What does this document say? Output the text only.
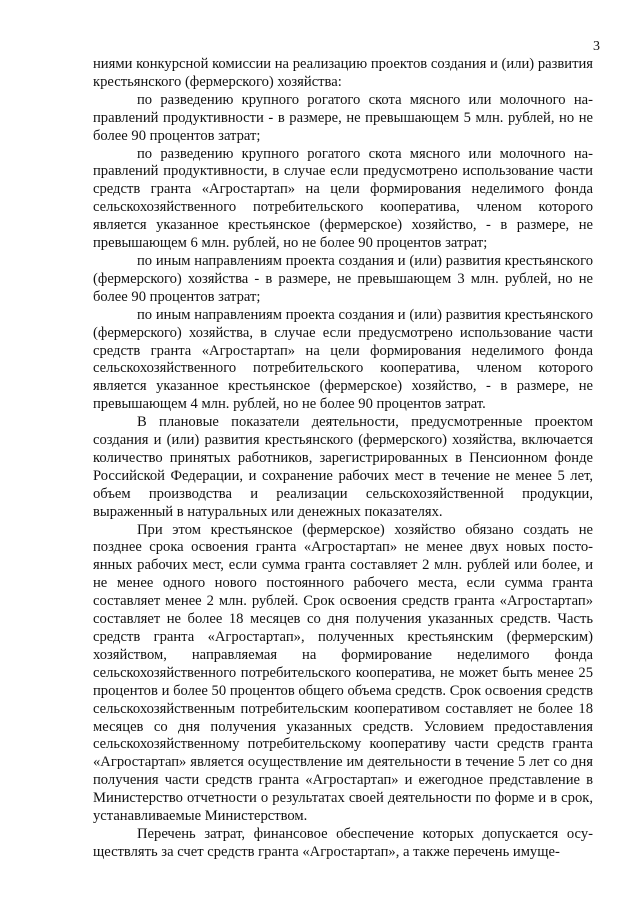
3

ниями конкурсной комиссии на реализацию проектов создания и (или) развития крестьянского (фермерского) хозяйства:

по разведению крупного рогатого скота мясного или молочного направлений продуктивности - в размере, не превышающем 5 млн. рублей, но не более 90 процентов затрат;

по разведению крупного рогатого скота мясного или молочного направлений продуктивности, в случае если предусмотрено использование части средств гранта «Агростартап» на цели формирования неделимого фонда сельскохозяйственного потребительского кооператива, членом которого является указанное крестьянское (фермерское) хозяйство, - в размере, не превышающем 6 млн. рублей, но не более 90 процентов затрат;

по иным направлениям проекта создания и (или) развития крестьянского (фермерского) хозяйства - в размере, не превышающем 3 млн. рублей, но не более 90 процентов затрат;

по иным направлениям проекта создания и (или) развития крестьянского (фермерского) хозяйства, в случае если предусмотрено использование части средств гранта «Агростартап» на цели формирования неделимого фонда сельскохозяйственного потребительского кооператива, членом которого является указанное крестьянское (фермерское) хозяйство, - в размере, не превышающем 4 млн. рублей, но не более 90 процентов затрат.

В плановые показатели деятельности, предусмотренные проектом создания и (или) развития крестьянского (фермерского) хозяйства, включается количество принятых работников, зарегистрированных в Пенсионном фонде Российской Федерации, и сохранение рабочих мест в течение не менее 5 лет, объем производства и реализации сельскохозяйственной продукции, выраженный в натуральных или денежных показателях.

При этом крестьянское (фермерское) хозяйство обязано создать не позднее срока освоения гранта «Агростартап» не менее двух новых постоянных рабочих мест, если сумма гранта составляет 2 млн. рублей или более, и не менее одного нового постоянного рабочего места, если сумма гранта составляет менее 2 млн. рублей. Срок освоения средств гранта «Агростартап» составляет не более 18 месяцев со дня получения указанных средств. Часть средств гранта «Агростартап», полученных крестьянским (фермерским) хозяйством, направляемая на формирование неделимого фонда сельскохозяйственного потребительского кооператива, не может быть менее 25 процентов и более 50 процентов общего объема средств. Срок освоения средств сельскохозяйственным потребительским кооперативом составляет не более 18 месяцев со дня получения указанных средств. Условием предоставления сельскохозяйственному потребительскому кооперативу части средств гранта «Агростартап» является осуществление им деятельности в течение 5 лет со дня получения части средств гранта «Агростартап» и ежегодное представление в Министерство отчетности о результатах своей деятельности по форме и в срок, устанавливаемые Министерством.

Перечень затрат, финансовое обеспечение которых допускается осуществлять за счет средств гранта «Агростартап», а также перечень имуще-
